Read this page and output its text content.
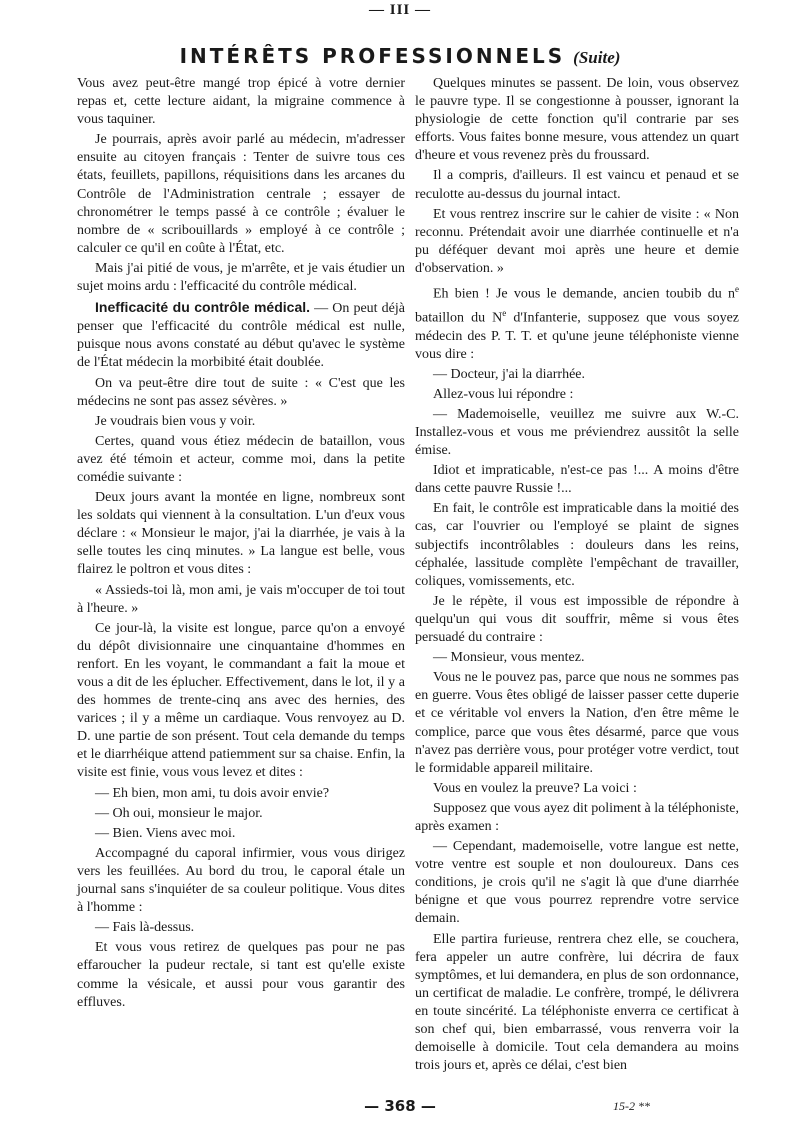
— III —
INTÉRÊTS PROFESSIONNELS (Suite)

Vous avez peut-être mangé trop épicé à votre dernier repas et, cette lecture aidant, la migraine commence à vous taquiner.

Je pourrais, après avoir parlé au médecin, m'adresser ensuite au citoyen français : Tenter de suivre tous ces états, feuillets, papillons, réquisitions dans les arcanes du Contrôle de l'Administration centrale ; essayer de chronométrer le temps passé à ce contrôle ; évaluer le nombre de « scribouillards » employé à ce contrôle ; calculer ce qu'il en coûte à l'État, etc.

Mais j'ai pitié de vous, je m'arrête, et je vais étudier un sujet moins ardu : l'efficacité du contrôle médical.

Inefficacité du contrôle médical. — On peut déjà penser que l'efficacité du contrôle médical est nulle, puisque nous avons constaté au début qu'avec le système de l'État médecin la morbibité était doublée.

On va peut-être dire tout de suite : « C'est que les médecins ne sont pas assez sévères. »

Je voudrais bien vous y voir.

Certes, quand vous étiez médecin de bataillon, vous avez été témoin et acteur, comme moi, dans la petite comédie suivante :

Deux jours avant la montée en ligne, nombreux sont les soldats qui viennent à la consultation. L'un d'eux vous déclare : « Monsieur le major, j'ai la diarrhée, je vais à la selle toutes les cinq minutes. » La langue est belle, vous flairez le poltron et vous dites :

« Assieds-toi là, mon ami, je vais m'occuper de toi tout à l'heure. »

Ce jour-là, la visite est longue, parce qu'on a envoyé du dépôt divisionnaire une cinquantaine d'hommes en renfort. En les voyant, le commandant a fait la moue et vous a dit de les éplucher. Effectivement, dans le lot, il y a des hommes de trente-cinq ans avec des hernies, des varices ; il y a même un cardiaque. Vous renvoyez au D. D. une partie de son présent. Tout cela demande du temps et le diarrhéique attend patiemment sur sa chaise. Enfin, la visite est finie, vous vous levez et dites :

— Eh bien, mon ami, tu dois avoir envie?

— Oh oui, monsieur le major.

— Bien. Viens avec moi.

Accompagné du caporal infirmier, vous vous dirigez vers les feuillées. Au bord du trou, le caporal étale un journal sans s'inquiéter de sa couleur politique. Vous dites à l'homme :

— Fais là-dessus.

Et vous vous retirez de quelques pas pour ne pas effaroucher la pudeur rectale, si tant est qu'elle existe comme la vésicale, et aussi pour vous garantir des effluves.

Quelques minutes se passent. De loin, vous observez le pauvre type. Il se congestionne à pousser, ignorant la physiologie de cette fonction qu'il contrarie par ses efforts. Vous faites bonne mesure, vous attendez un quart d'heure et vous revenez près du froussard.

Il a compris, d'ailleurs. Il est vaincu et penaud et se reculotte au-dessus du journal intact.

Et vous rentrez inscrire sur le cahier de visite : « Non reconnu. Prétendait avoir une diarrhée continuelle et n'a pu déféquer devant moi après une heure et demie d'observation. »

Eh bien ! Je vous le demande, ancien toubib du $n^e$ bataillon du $N^e$ d'Infanterie, supposez que vous soyez médecin des P. T. T. et qu'une jeune téléphoniste vienne vous dire :

— Docteur, j'ai la diarrhée.

Allez-vous lui répondre :

— Mademoiselle, veuillez me suivre aux W.-C. Installez-vous et vous me préviendrez aussitôt la selle émise.

Idiot et impraticable, n'est-ce pas !... A moins d'être dans cette pauvre Russie !...

En fait, le contrôle est impraticable dans la moitié des cas, car l'ouvrier ou l'employé se plaint de signes subjectifs incontrôlables : douleurs dans les reins, céphalée, lassitude complète l'empêchant de travailler, coliques, vomissements, etc.

Je le répète, il vous est impossible de répondre à quelqu'un qui vous dit souffrir, même si vous êtes persuadé du contraire :

— Monsieur, vous mentez.

Vous ne le pouvez pas, parce que nous ne sommes pas en guerre. Vous êtes obligé de laisser passer cette duperie et ce véritable vol envers la Nation, d'en être même le complice, parce que vous êtes désarmé, parce que vous n'avez pas derrière vous, pour protéger votre verdict, tout le formidable appareil militaire.

Vous en voulez la preuve? La voici :

Supposez que vous ayez dit poliment à la téléphoniste, après examen :

— Cependant, mademoiselle, votre langue est nette, votre ventre est souple et non douloureux. Dans ces conditions, je crois qu'il ne s'agit là que d'une diarrhée bénigne et que vous pourrez reprendre votre service demain.

Elle partira furieuse, rentrera chez elle, se couchera, fera appeler un autre confrère, lui décrira de faux symptômes, et lui demandera, en plus de son ordonnance, un certificat de maladie. Le confrère, trompé, le délivrera en toute sincérité. La téléphoniste enverra ce certificat à son chef qui, bien embarrassé, vous renverra voir la demoiselle à domicile. Tout cela demandera au moins trois jours et, après ce délai, c'est bien

— 368 —	15-2 **
